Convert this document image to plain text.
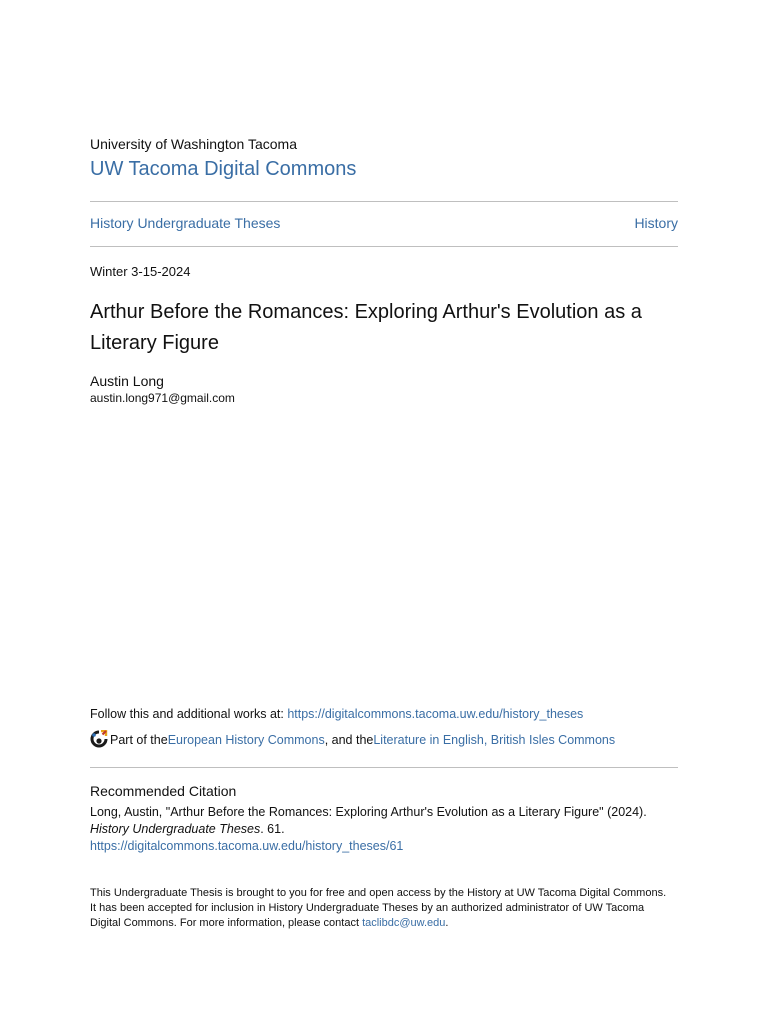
University of Washington Tacoma
UW Tacoma Digital Commons
History Undergraduate Theses	History
Winter 3-15-2024
Arthur Before the Romances: Exploring Arthur's Evolution as a Literary Figure
Austin Long
austin.long971@gmail.com
Follow this and additional works at: https://digitalcommons.tacoma.uw.edu/history_theses
Part of the European History Commons , and the Literature in English, British Isles Commons
Recommended Citation
Long, Austin, "Arthur Before the Romances: Exploring Arthur's Evolution as a Literary Figure" (2024).
History Undergraduate Theses. 61.
https://digitalcommons.tacoma.uw.edu/history_theses/61
This Undergraduate Thesis is brought to you for free and open access by the History at UW Tacoma Digital Commons. It has been accepted for inclusion in History Undergraduate Theses by an authorized administrator of UW Tacoma Digital Commons. For more information, please contact taclibdc@uw.edu.
